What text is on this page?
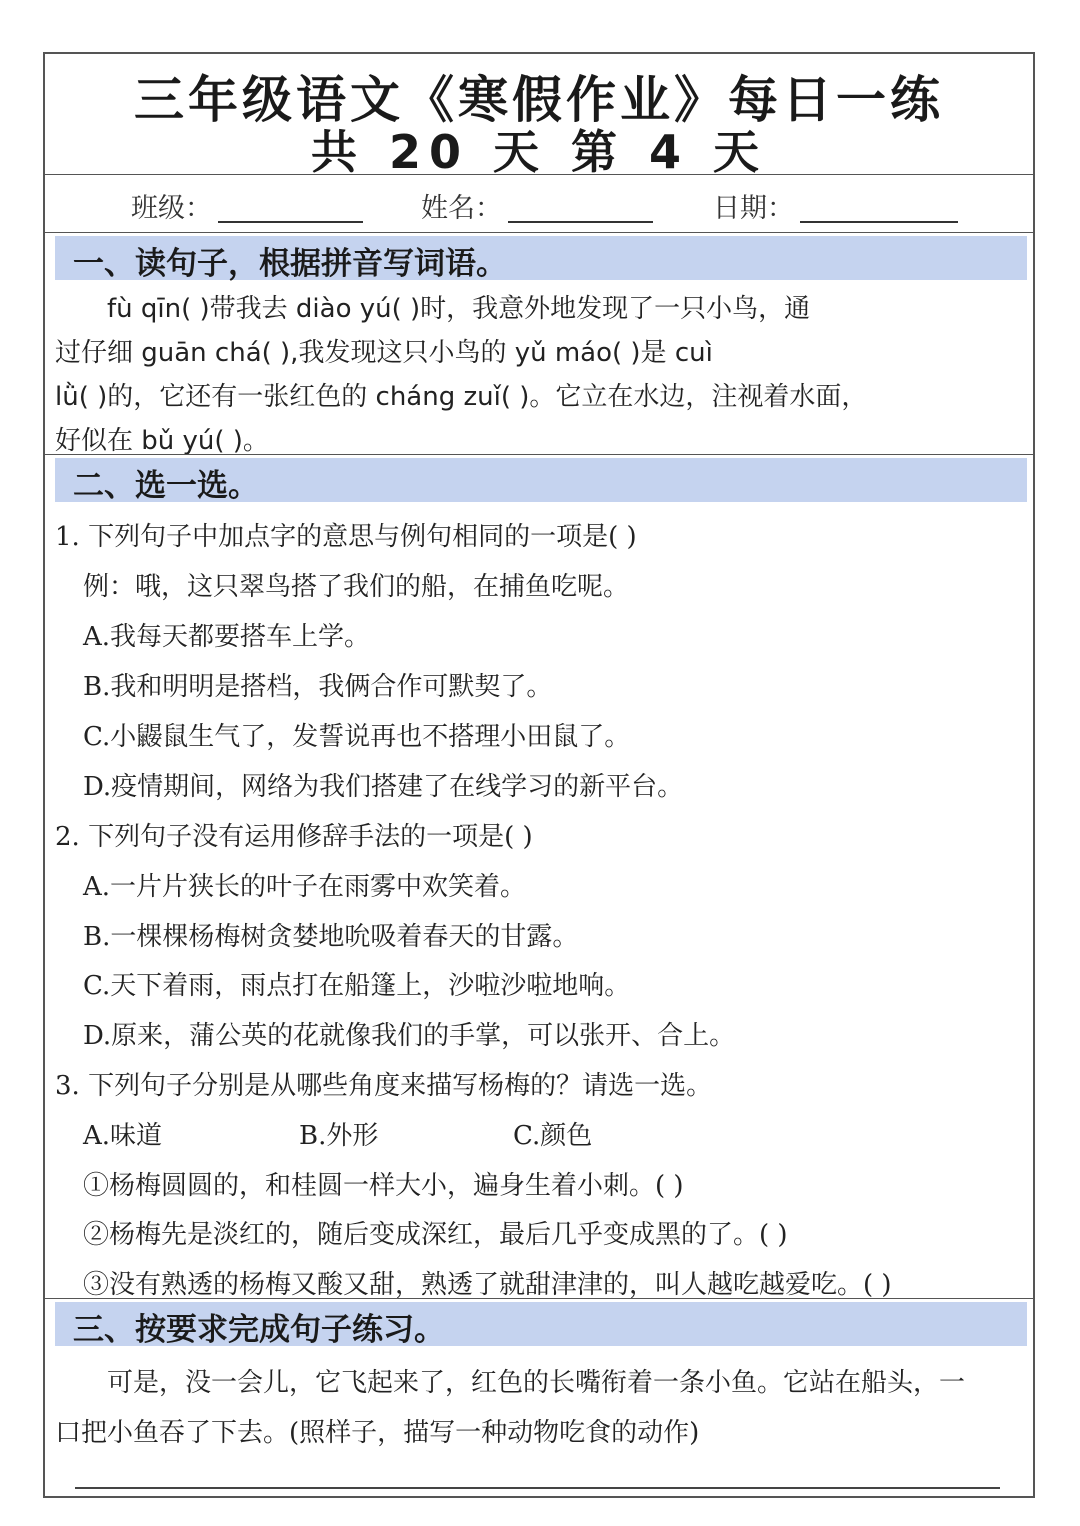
三年级语文《寒假作业》每日一练
共 20 天 第 4 天
班级：	姓名：	日期：
一、读句子，根据拼音写词语。
fù qīn( )带我去 diào yú( )时，我意外地发现了一只小鸟，通
过仔细 guān chá( ),我发现这只小鸟的 yǔ máo( )是 cuì
lǜ( )的，它还有一张红色的 cháng zuǐ( )。它立在水边，注视着水面，
好似在 bǔ yú( )。
二、选一选。
1. 下列句子中加点字的意思与例句相同的一项是( )
例：哦，这只翠鸟搭了我们的船，在捕鱼吃呢。
A.我每天都要搭车上学。
B.我和明明是搭档，我俩合作可默契了。
C.小鼹鼠生气了，发誓说再也不搭理小田鼠了。
D.疫情期间，网络为我们搭建了在线学习的新平台。
2. 下列句子没有运用修辞手法的一项是( )
A.一片片狭长的叶子在雨雾中欢笑着。
B.一棵棵杨梅树贪婪地吮吸着春天的甘露。
C.天下着雨，雨点打在船篷上，沙啦沙啦地响。
D.原来，蒲公英的花就像我们的手掌，可以张开、合上。
3. 下列句子分别是从哪些角度来描写杨梅的？请选一选。
A.味道	B.外形	C.颜色
①杨梅圆圆的，和桂圆一样大小，遍身生着小刺。( )
②杨梅先是淡红的，随后变成深红，最后几乎变成黑的了。( )
③没有熟透的杨梅又酸又甜，熟透了就甜津津的，叫人越吃越爱吃。( )
三、按要求完成句子练习。
可是，没一会儿，它飞起来了，红色的长嘴衔着一条小鱼。它站在船头，一
口把小鱼吞了下去。(照样子，描写一种动物吃食的动作)
